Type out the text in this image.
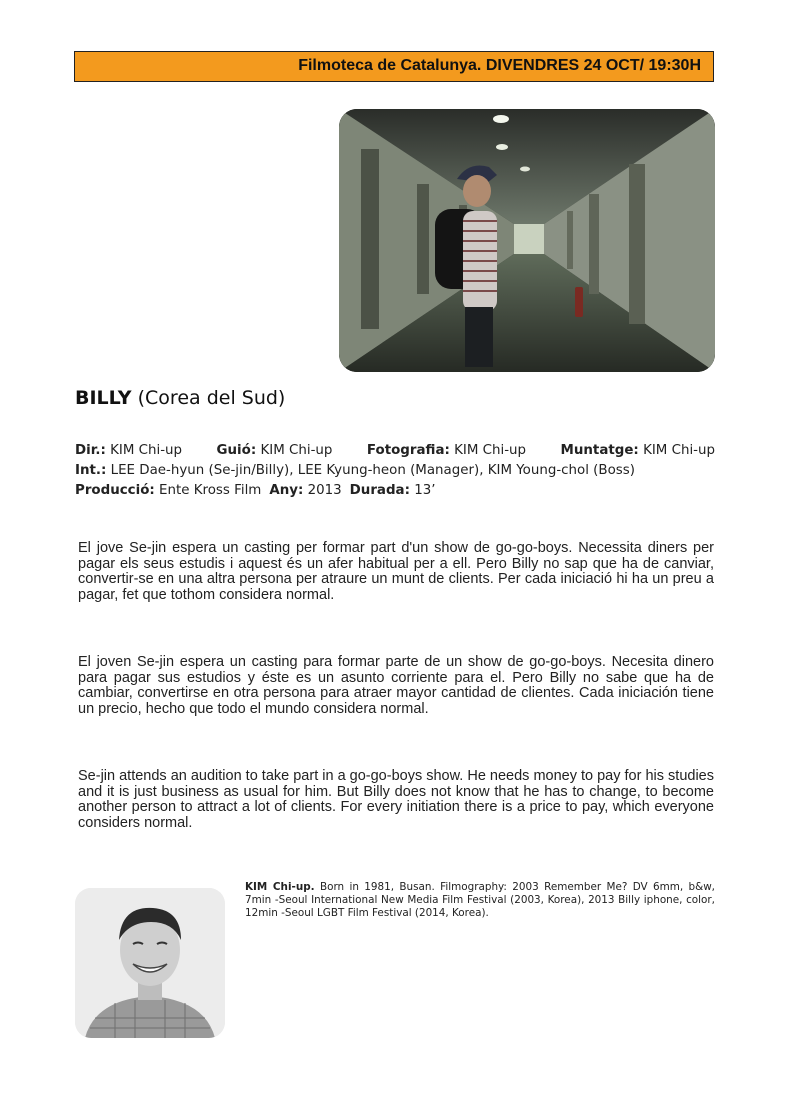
Filmoteca de Catalunya. DIVENDRES 24 OCT/ 19:30H
BILLY (Corea del Sud)
Dir.: KIM Chi-up	Guió: KIM Chi-up	Fotografia: KIM Chi-up	Muntatge: KIM Chi-up
Int.: LEE Dae-hyun (Se-jin/Billy), LEE Kyung-heon (Manager), KIM Young-chol (Boss)
Producció: Ente Kross Film Any: 2013 Durada: 13’

El jove Se-jin espera un casting per formar part d'un show de go-go-boys. Necessita diners per pagar els seus estudis i aquest és un afer habitual per a ell. Pero Billy no sap que ha de canviar, convertir-se en una altra persona per atraure un munt de clients. Per cada iniciació hi ha un preu a pagar, fet que tothom considera normal.

El joven Se-jin espera un casting para formar parte de un show de go-go-boys. Necesita dinero para pagar sus estudios y éste es un asunto corriente para el. Pero Billy no sabe que ha de cambiar, convertirse en otra persona para atraer mayor cantidad de clientes. Cada iniciación tiene un precio, hecho que todo el mundo considera normal.

Se-jin attends an audition to take part in a go-go-boys show. He needs money to pay for his studies and it is just business as usual for him. But Billy does not know that he has to change, to become another person to attract a lot of clients. For every initiation there is a price to pay, which everyone considers normal.

KIM Chi-up. Born in 1981, Busan. Filmography: 2003 Remember Me? DV 6mm, b&w, 7min -Seoul International New Media Film Festival (2003, Korea), 2013 Billy iphone, color, 12min -Seoul LGBT Film Festival (2014, Korea).
